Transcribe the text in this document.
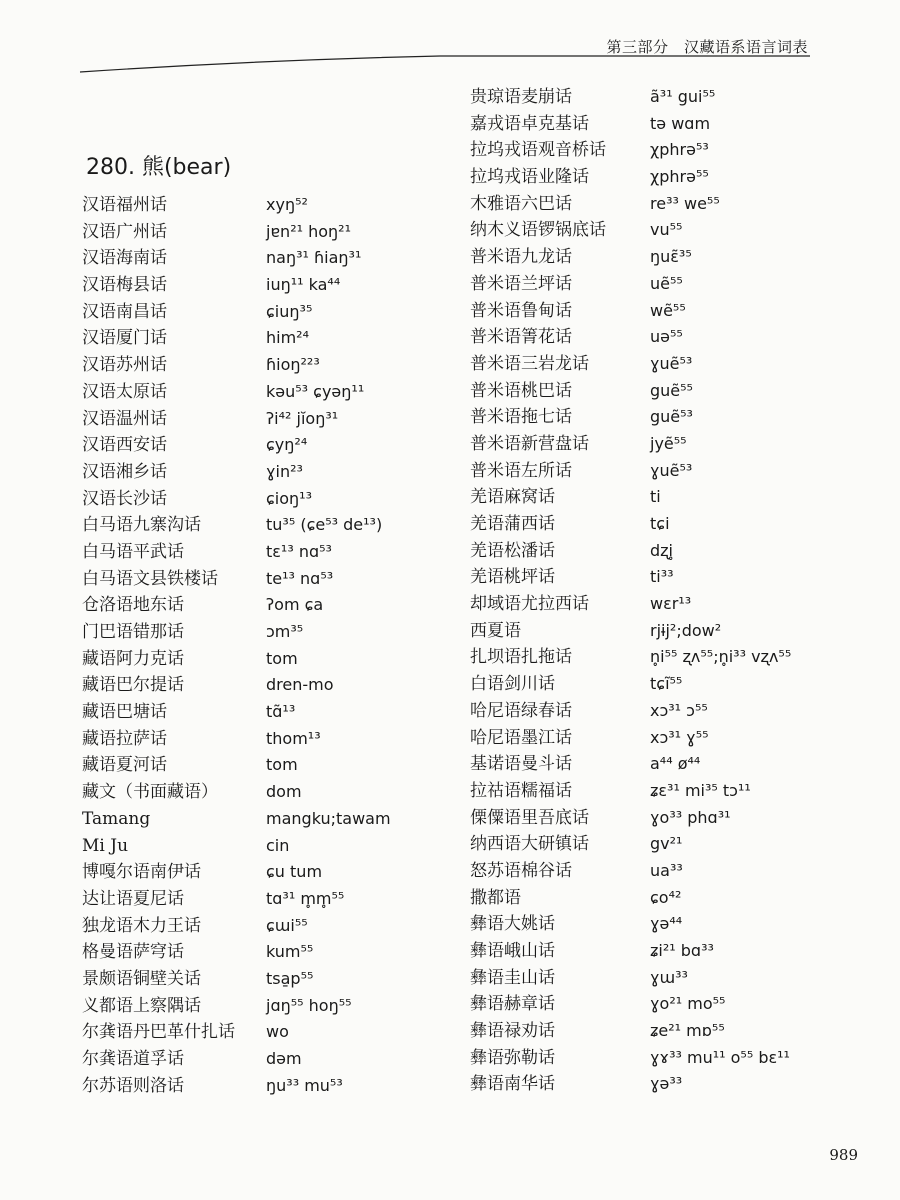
第三部分　汉藏语系语言词表
280. 熊(bear)
汉语福州话	xyŋ⁵²
汉语广州话	jɐn²¹ hoŋ²¹
汉语海南话	naŋ³¹ ɦiaŋ³¹
汉语梅县话	iuŋ¹¹ ka⁴⁴
汉语南昌话	ɕiuŋ³⁵
汉语厦门话	him²⁴
汉语苏州话	ɦioŋ²²³
汉语太原话	kəu⁵³ ɕyəŋ¹¹
汉语温州话	ʔi⁴² jĭoŋ³¹
汉语西安话	ɕyŋ²⁴
汉语湘乡话	ɣin²³
汉语长沙话	ɕioŋ¹³
白马语九寨沟话	tu³⁵ (ɕe⁵³ de¹³)
白马语平武话	tɛ¹³ nɑ⁵³
白马语文县铁楼话	te¹³ nɑ⁵³
仓洛语地东话	ʔom ɕa
门巴语错那话	ɔm³⁵
藏语阿力克话	tom
藏语巴尔提话	dren-mo
藏语巴塘话	tɑ̃¹³
藏语拉萨话	thom¹³
藏语夏河话	tom
藏文（书面藏语）	dom
Tamang	mangku;tawam
Mi Ju	cin
博嘎尔语南伊话	ɕu tum
达让语夏尼话	tɑ³¹ m̥m̥⁵⁵
独龙语木力王话	ɕɯi⁵⁵
格曼语萨穹话	kum⁵⁵
景颇语铜壁关话	tsa̱p⁵⁵
义都语上察隅话	jɑŋ⁵⁵ hoŋ⁵⁵
尔龚语丹巴革什扎话 wo
尔龚语道孚话	dəm
尔苏语则洛话	ŋu³³ mu⁵³
贵琼语麦崩话	ã³¹ gui⁵⁵
嘉戎语卓克基话	tə wɑm
拉坞戎语观音桥话	χphrə⁵³
拉坞戎语业隆话	χphrə⁵⁵
木雅语六巴话	re³³ we⁵⁵
纳木义语锣锅底话	vu⁵⁵
普米语九龙话	ŋuɛ̃³⁵
普米语兰坪话	uẽ⁵⁵
普米语鲁甸话	wẽ⁵⁵
普米语箐花话	uə⁵⁵
普米语三岩龙话	ɣuẽ⁵³
普米语桃巴话	guẽ⁵⁵
普米语拖七话	guẽ⁵³
普米语新营盘话	jyẽ⁵⁵
普米语左所话	ɣuẽ⁵³
羌语麻窝话	ti
羌语蒲西话	tɕi
羌语松潘话	dʐi̥
羌语桃坪话	ti³³
却域语尤拉西话	wɛr¹³
西夏语	rjɨj²;dow²
扎坝语扎拖话	n̥i⁵⁵ ʐʌ⁵⁵;n̥i³³ vʐʌ⁵⁵
白语剑川话	tɕĩ⁵⁵
哈尼语绿春话	xɔ³¹ ɔ⁵⁵
哈尼语墨江话	xɔ³¹ ɣ⁵⁵
基诺语曼斗话	a⁴⁴ ø⁴⁴
拉祜语糯福话	ʑɛ³¹ mi³⁵ tɔ¹¹
傈僳语里吾底话	ɣo³³ phɑ³¹
纳西语大研镇话	gv²¹
怒苏语棉谷话	ua³³
撒都语	ɕo⁴²
彝语大姚话	ɣə⁴⁴
彝语峨山话	ʑi²¹ bɑ³³
彝语圭山话	ɣɯ³³
彝语赫章话	ɣo²¹ mo⁵⁵
彝语禄劝话	ʑe²¹ mɒ⁵⁵
彝语弥勒话	ɣɤ³³ mu¹¹ o⁵⁵ bɛ¹¹
彝语南华话	ɣə³³
989
